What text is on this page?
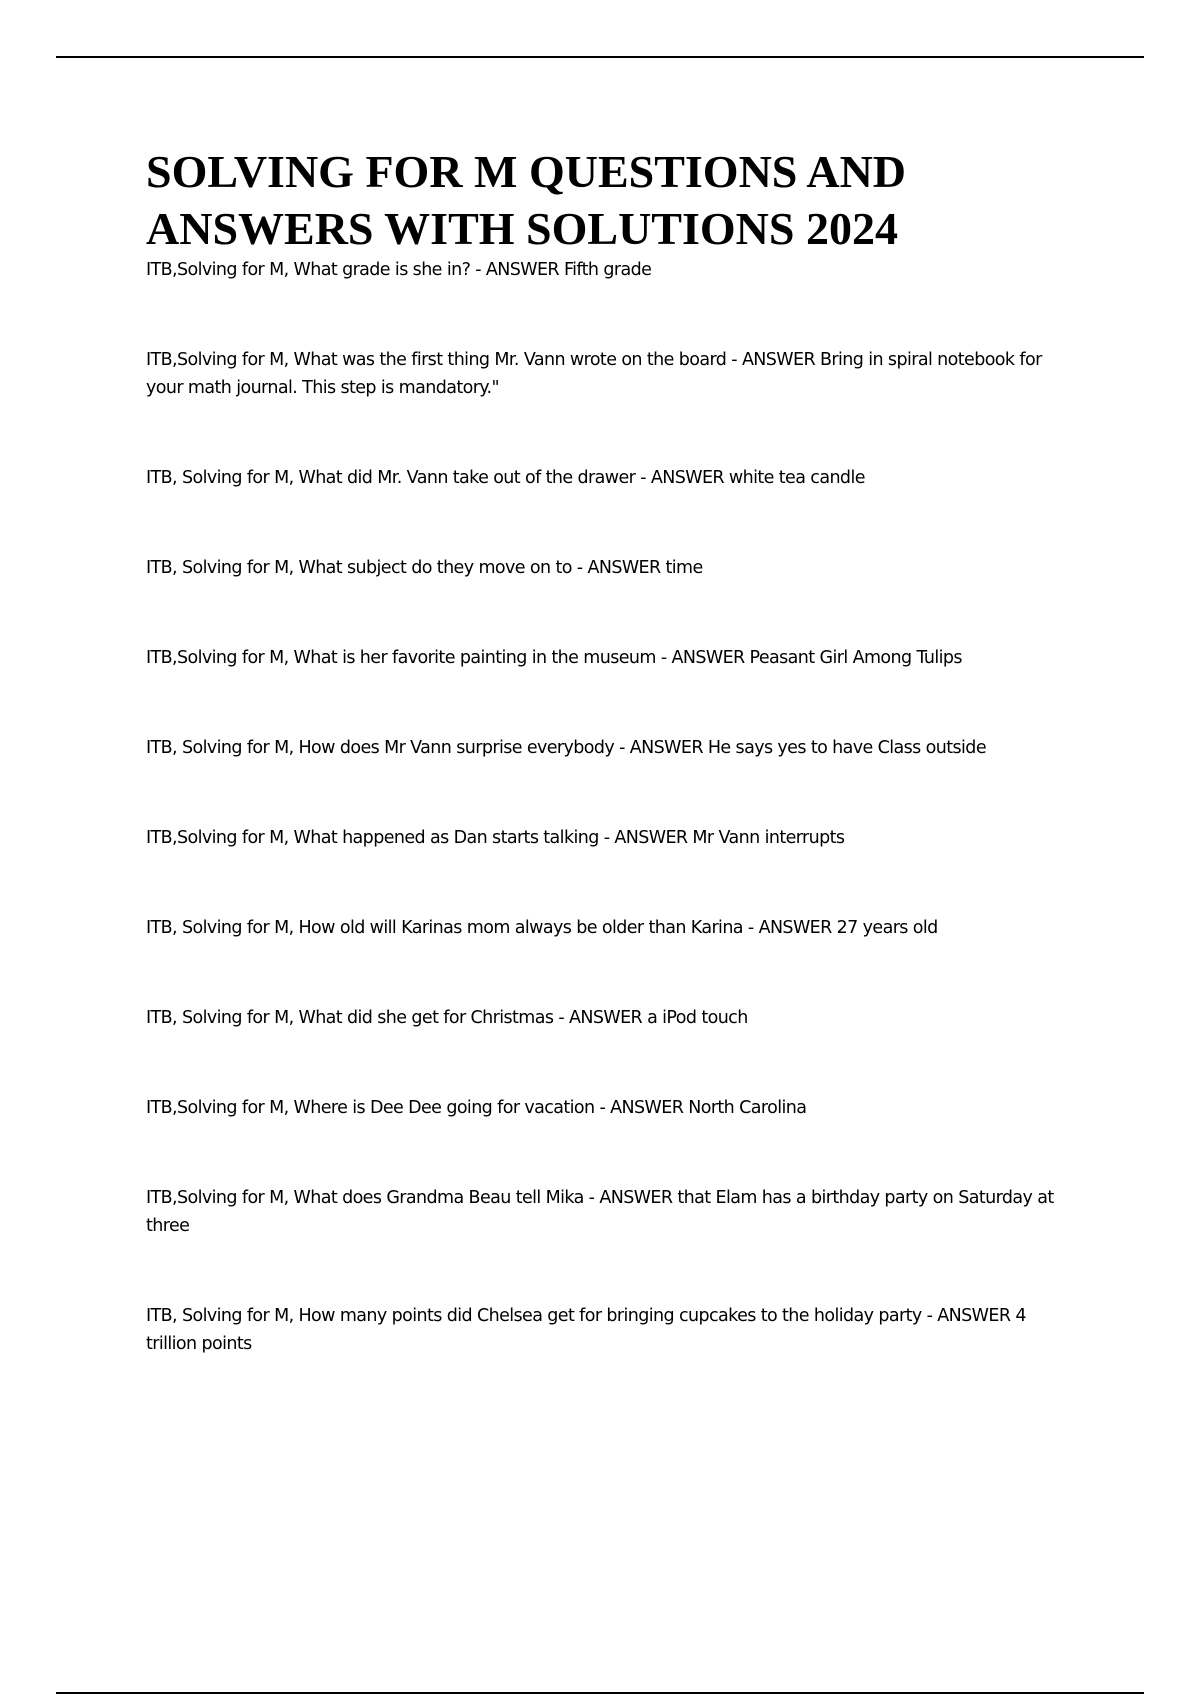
SOLVING FOR M QUESTIONS AND ANSWERS WITH SOLUTIONS 2024
ITB,Solving for M, What grade is she in? - ANSWER Fifth grade
ITB,Solving for M, What was the first thing Mr. Vann wrote on the board - ANSWER Bring in spiral notebook for your math journal. This step is mandatory."
ITB, Solving for M, What did Mr. Vann take out of the drawer - ANSWER white tea candle
ITB, Solving for M, What subject do they move on to - ANSWER time
ITB,Solving for M, What is her favorite painting in the museum - ANSWER Peasant Girl Among Tulips
ITB, Solving for M, How does Mr Vann surprise everybody - ANSWER He says yes to have Class outside
ITB,Solving for M, What happened as Dan starts talking - ANSWER Mr Vann interrupts
ITB, Solving for M, How old will Karinas mom always be older than Karina - ANSWER 27 years old
ITB, Solving for M, What did she get for Christmas - ANSWER a iPod touch
ITB,Solving for M, Where is Dee Dee going for vacation - ANSWER North Carolina
ITB,Solving for M, What does Grandma Beau tell Mika - ANSWER that Elam has a birthday party on Saturday at three
ITB, Solving for M, How many points did Chelsea get for bringing cupcakes to the holiday party - ANSWER 4 trillion points
